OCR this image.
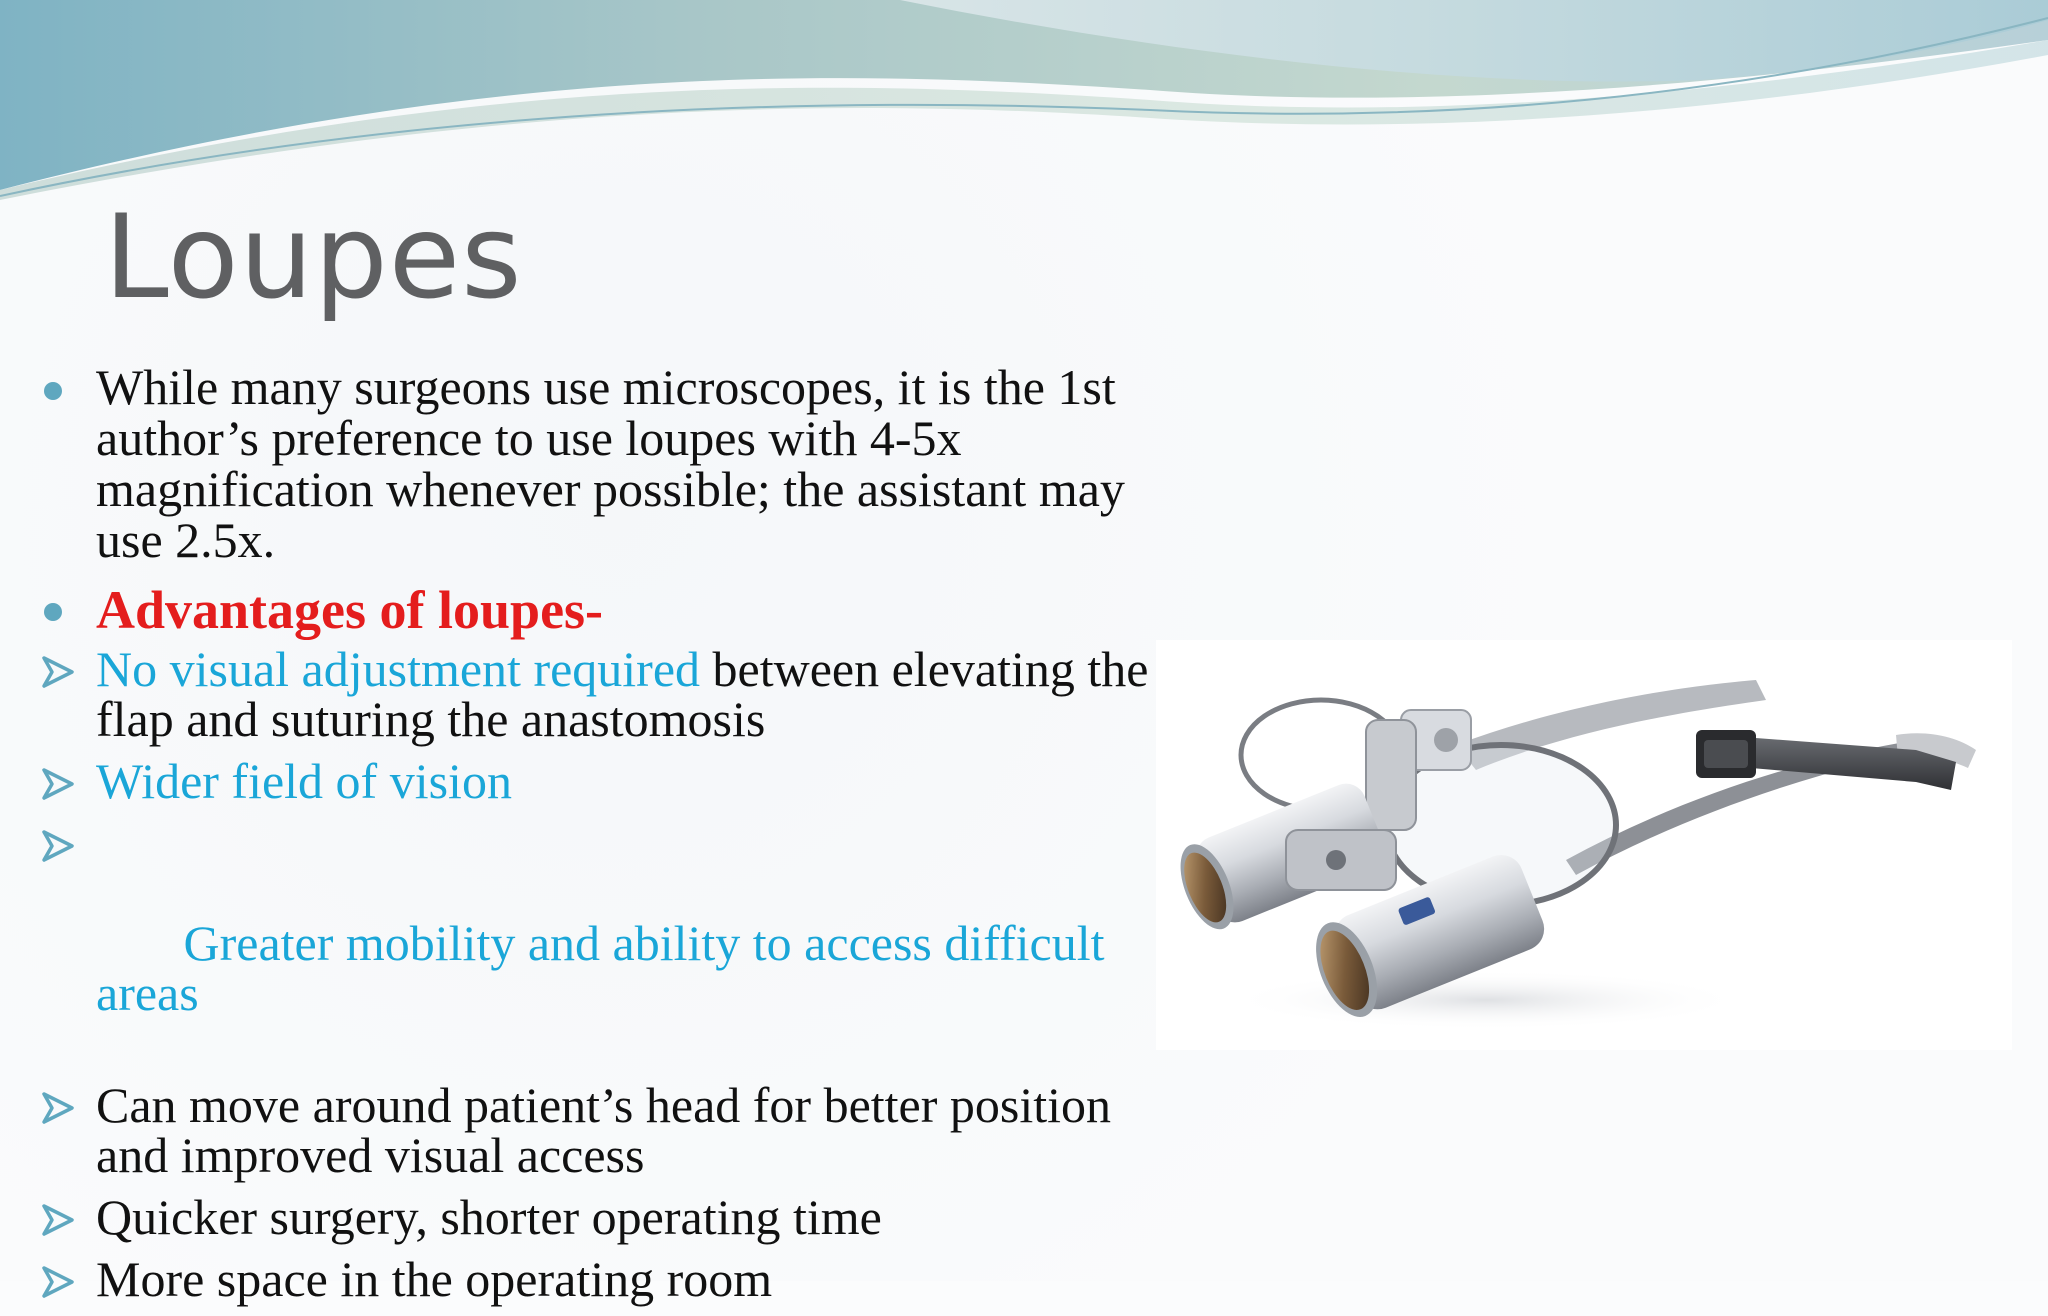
Loupes
While many surgeons use microscopes, it is the 1st author’s preference to use loupes with 4-5x magnification whenever possible; the assistant may use 2.5x.
Advantages of loupes-
No visual adjustment required between elevating the flap and suturing the anastomosis
Wider field of vision

Greater mobility and ability to access difficult areas

Can move around patient’s head for better position and improved visual access
Quicker surgery, shorter operating time
More space in the operating room
